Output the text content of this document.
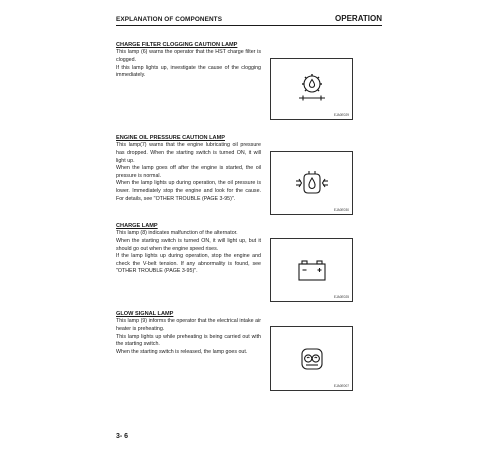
EXPLANATION OF COMPONENTS	OPERATION
CHARGE FILTER CLOGGING CAUTION LAMP

This lamp (6) warns the operator that the HST charge filter is clogged.

If this lamp lights up, investigate the cause of the clogging immediately.

EJA0E029
ENGINE OIL PRESSURE CAUTION LAMP

This lamp(7) warns that the engine lubricating oil pressure has dropped. When the starting switch is turned ON, it will light up.

When the lamp goes off after the engine is started, the oil pressure is normal.

When the lamp lights up during operation, the oil pressure is lower. Immediately stop the engine and look for the cause. For details, see "OTHER TROUBLE (PAGE 3-95)".

EJA0E030
CHARGE LAMP

This lamp (8) indicates malfunction of the alternator.

When the starting switch is turned ON, it will light up, but it should go out when the engine speed rises.

If the lamp lights up during operation, stop the engine and check the V-belt tension. If any abnormality is found, see "OTHER TROUBLE (PAGE 3-95)".

EJA0E025
GLOW SIGNAL LAMP

This lamp (9) informs the operator that the electrical intake air heater is preheating.

This lamp lights up while preheating is being carried out with the starting switch.

When the starting switch is released, the lamp goes out.

EJA0E007
3- 6
